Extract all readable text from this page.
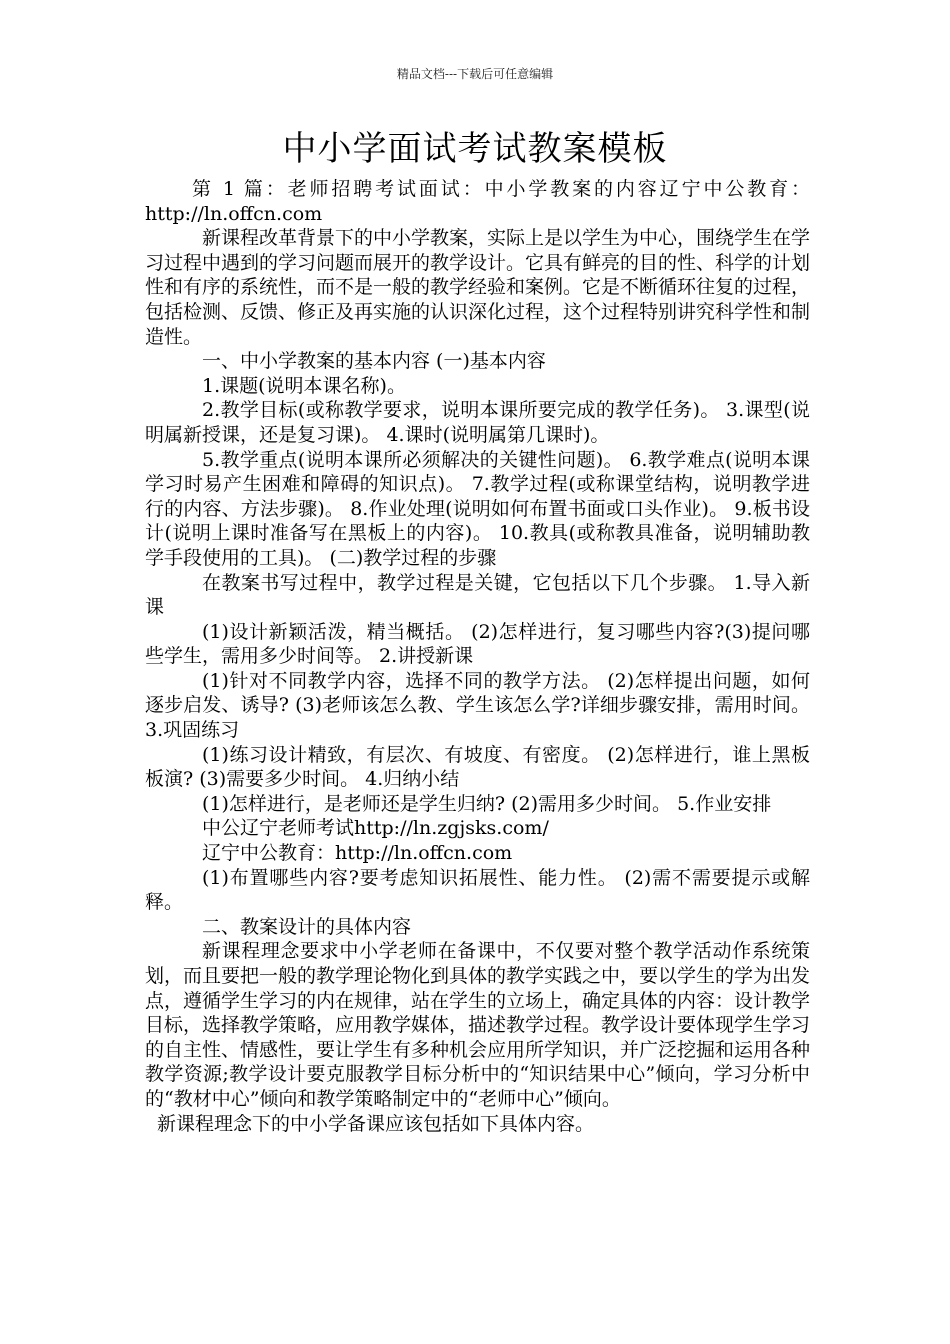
精品文档---下载后可任意编辑
中小学面试考试教案模板

第 1 篇：老师招聘考试面试：中小学教案的内容辽宁中公教育：http://ln.offcn.com

新课程改革背景下的中小学教案，实际上是以学生为中心，围绕学生在学习过程中遇到的学习问题而展开的教学设计。它具有鲜亮的目的性、科学的计划性和有序的系统性，而不是一般的教学经验和案例。它是不断循环往复的过程，包括检测、反馈、修正及再实施的认识深化过程，这个过程特别讲究科学性和制造性。

一、中小学教案的基本内容 (一)基本内容

1.课题(说明本课名称)。

2.教学目标(或称教学要求，说明本课所要完成的教学任务)。 3.课型(说明属新授课，还是复习课)。 4.课时(说明属第几课时)。

5.教学重点(说明本课所必须解决的关键性问题)。 6.教学难点(说明本课学习时易产生困难和障碍的知识点)。 7.教学过程(或称课堂结构，说明教学进行的内容、方法步骤)。 8.作业处理(说明如何布置书面或口头作业)。 9.板书设计(说明上课时准备写在黑板上的内容)。 10.教具(或称教具准备，说明辅助教学手段使用的工具)。 (二)教学过程的步骤

在教案书写过程中，教学过程是关键，它包括以下几个步骤。 1.导入新课

(1)设计新颖活泼，精当概括。 (2)怎样进行，复习哪些内容?(3)提问哪些学生，需用多少时间等。 2.讲授新课

(1)针对不同教学内容，选择不同的教学方法。 (2)怎样提出问题，如何逐步启发、诱导? (3)老师该怎么教、学生该怎么学?详细步骤安排，需用时间。 3.巩固练习

(1)练习设计精致，有层次、有坡度、有密度。 (2)怎样进行，谁上黑板板演? (3)需要多少时间。 4.归纳小结

(1)怎样进行，是老师还是学生归纳? (2)需用多少时间。 5.作业安排

中公辽宁老师考试http://ln.zgjsks.com/

辽宁中公教育：http://ln.offcn.com

(1)布置哪些内容?要考虑知识拓展性、能力性。 (2)需不需要提示或解释。

二、教案设计的具体内容

新课程理念要求中小学老师在备课中，不仅要对整个教学活动作系统策划，而且要把一般的教学理论物化到具体的教学实践之中，要以学生的学为出发点，遵循学生学习的内在规律，站在学生的立场上，确定具体的内容：设计教学目标，选择教学策略，应用教学媒体，描述教学过程。教学设计要体现学生学习的自主性、情感性，要让学生有多种机会应用所学知识，并广泛挖掘和运用各种教学资源;教学设计要克服教学目标分析中的“知识结果中心”倾向，学习分析中的“教材中心”倾向和教学策略制定中的“老师中心”倾向。

新课程理念下的中小学备课应该包括如下具体内容。
